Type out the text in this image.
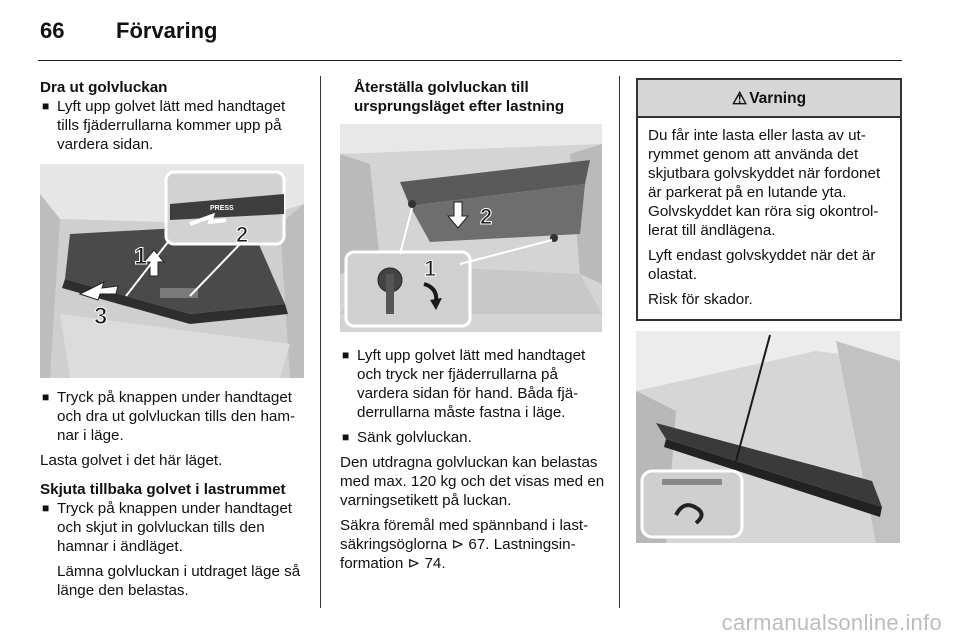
66	Förvaring
Dra ut golvluckan
■ Lyft upp golvet lätt med handtaget tills fjäderrullarna kommer upp på vardera sidan.
PRESS
1
2
3
■ Tryck på knappen under handtaget och dra ut golvluckan tills den hamnar i läge.
Lasta golvet i det här läget.
Skjuta tillbaka golvet i lastrummet
■ Tryck på knappen under handtaget och skjut in golvluckan tills den hamnar i ändläget.
Lämna golvluckan i utdraget läge så länge den belastas.
Återställa golvluckan till ursprungsläget efter lastning
2
1
■ Lyft upp golvet lätt med handtaget och tryck ner fjäderrullarna på vardera sidan för hand. Båda fjäderrullarna måste fastna i läge.
■ Sänk golvluckan.
Den utdragna golvluckan kan belastas med max. 120 kg och det visas med en varningsetikett på luckan.
Säkra föremål med spännband i lastsäkringsöglorna ⊳ 67. Lastningsinformation ⊳ 74.
⚠ Varning

Du får inte lasta eller lasta av utrymmet genom att använda det skjutbara golvskyddet när fordonet är parkerat på en lutande yta. Golvskyddet kan röra sig okontrollerat till ändlägena.

Lyft endast golvskyddet när det är olastat.

Risk för skador.

carmanualsonline.info
